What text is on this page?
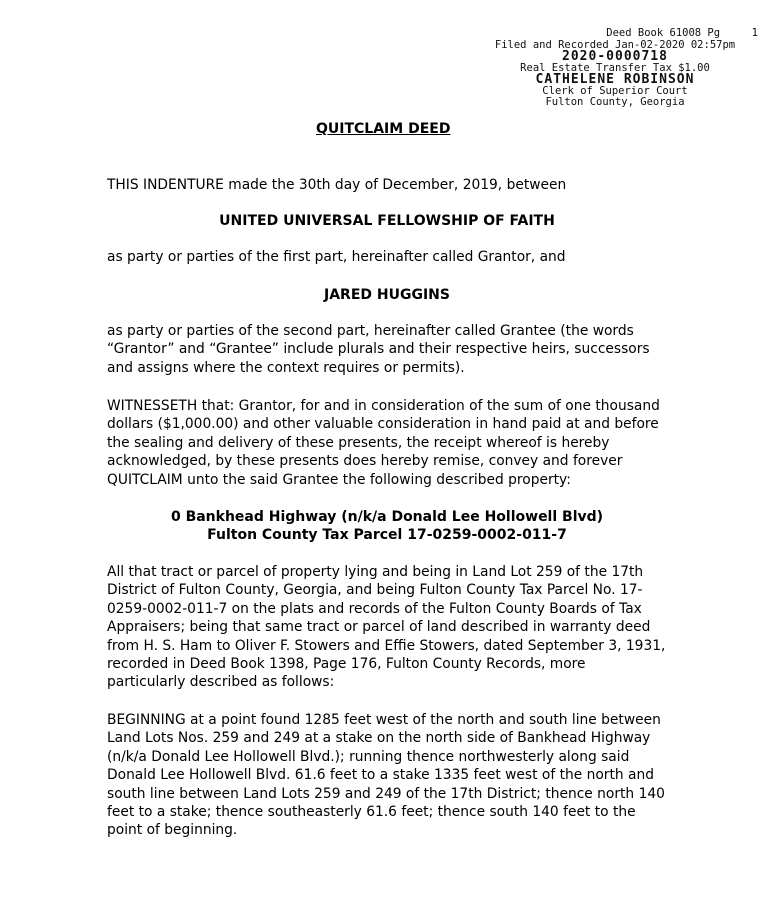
Deed Book 61008 Pg     1
Filed and Recorded Jan-02-2020 02:57pm
2020-0000718
Real Estate Transfer Tax $1.00
CATHELENE ROBINSON
Clerk of Superior Court
Fulton County, Georgia
QUITCLAIM DEED
THIS INDENTURE made the 30th day of December, 2019, between
UNITED UNIVERSAL FELLOWSHIP OF FAITH
as party or parties of the first part, hereinafter called Grantor, and
JARED HUGGINS
as party or parties of the second part, hereinafter called Grantee (the words “Grantor” and “Grantee” include plurals and their respective heirs, successors and assigns where the context requires or permits).
WITNESSETH that: Grantor, for and in consideration of the sum of one thousand dollars ($1,000.00) and other valuable consideration in hand paid at and before the sealing and delivery of these presents, the receipt whereof is hereby acknowledged, by these presents does hereby remise, convey and forever QUITCLAIM unto the said Grantee the following described property:
0 Bankhead Highway (n/k/a Donald Lee Hollowell Blvd)
Fulton County Tax Parcel 17-0259-0002-011-7
All that tract or parcel of property lying and being in Land Lot 259 of the 17th District of Fulton County, Georgia, and being Fulton County Tax Parcel No. 17-0259-0002-011-7 on the plats and records of the Fulton County Boards of Tax Appraisers; being that same tract or parcel of land described in warranty deed from H. S. Ham to Oliver F. Stowers and Effie Stowers, dated September 3, 1931, recorded in Deed Book 1398, Page 176, Fulton County Records, more particularly described as follows:
BEGINNING at a point found 1285 feet west of the north and south line between Land Lots Nos. 259 and 249 at a stake on the north side of Bankhead Highway (n/k/a Donald Lee Hollowell Blvd.); running thence northwesterly along said Donald Lee Hollowell Blvd. 61.6 feet to a stake 1335 feet west of the north and south line between Land Lots 259 and 249 of the 17th District; thence north 140 feet to a stake; thence southeasterly 61.6 feet; thence south 140 feet to the point of beginning.
